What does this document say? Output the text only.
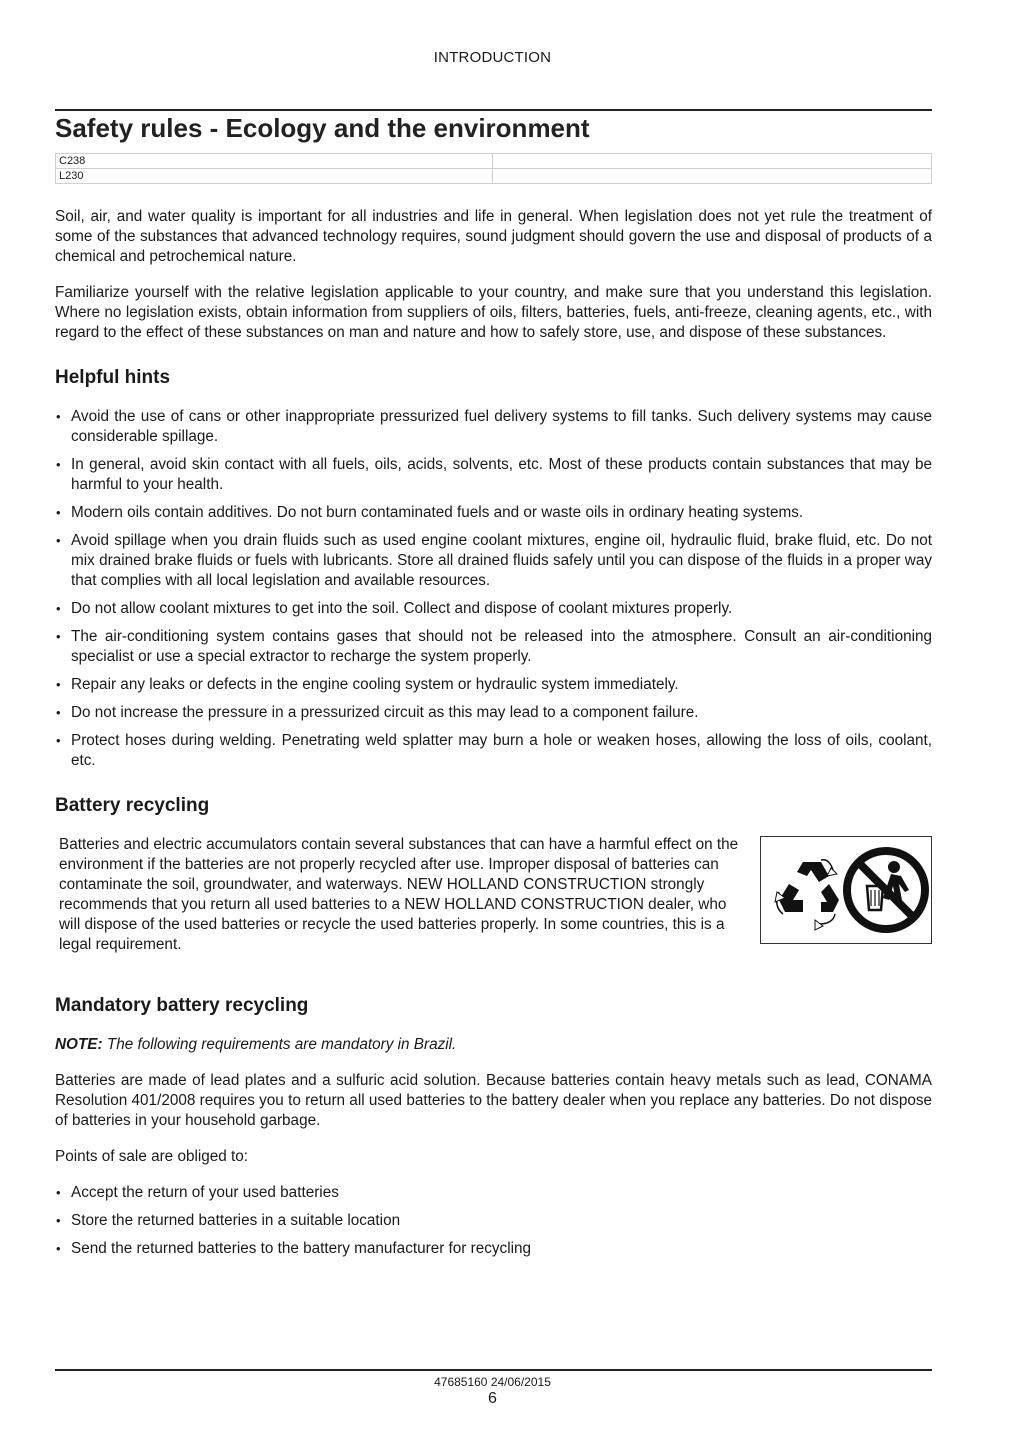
INTRODUCTION
Safety rules - Ecology and the environment
C238	
L230	

Soil, air, and water quality is important for all industries and life in general. When legislation does not yet rule the treatment of some of the substances that advanced technology requires, sound judgment should govern the use and disposal of products of a chemical and petrochemical nature.

Familiarize yourself with the relative legislation applicable to your country, and make sure that you understand this legislation. Where no legislation exists, obtain information from suppliers of oils, filters, batteries, fuels, anti-freeze, cleaning agents, etc., with regard to the effect of these substances on man and nature and how to safely store, use, and dispose of these substances.

Helpful hints
• Avoid the use of cans or other inappropriate pressurized fuel delivery systems to fill tanks. Such delivery systems may cause considerable spillage.
• In general, avoid skin contact with all fuels, oils, acids, solvents, etc. Most of these products contain substances that may be harmful to your health.
• Modern oils contain additives. Do not burn contaminated fuels and or waste oils in ordinary heating systems.
• Avoid spillage when you drain fluids such as used engine coolant mixtures, engine oil, hydraulic fluid, brake fluid, etc. Do not mix drained brake fluids or fuels with lubricants. Store all drained fluids safely until you can dispose of the fluids in a proper way that complies with all local legislation and available resources.
• Do not allow coolant mixtures to get into the soil. Collect and dispose of coolant mixtures properly.
• The air-conditioning system contains gases that should not be released into the atmosphere. Consult an air-conditioning specialist or use a special extractor to recharge the system properly.
• Repair any leaks or defects in the engine cooling system or hydraulic system immediately.
• Do not increase the pressure in a pressurized circuit as this may lead to a component failure.
• Protect hoses during welding. Penetrating weld splatter may burn a hole or weaken hoses, allowing the loss of oils, coolant, etc.
Battery recycling

Batteries and electric accumulators contain several substances that can have a harmful effect on the environment if the batteries are not properly recycled after use. Improper disposal of batteries can contaminate the soil, groundwater, and waterways. NEW HOLLAND CONSTRUCTION strongly recommends that you return all used batteries to a NEW HOLLAND CONSTRUCTION dealer, who will dispose of the used batteries or recycle the used batteries properly. In some countries, this is a legal requirement.

Mandatory battery recycling

NOTE: The following requirements are mandatory in Brazil.

Batteries are made of lead plates and a sulfuric acid solution. Because batteries contain heavy metals such as lead, CONAMA Resolution 401/2008 requires you to return all used batteries to the battery dealer when you replace any batteries. Do not dispose of batteries in your household garbage.

Points of sale are obliged to:

• Accept the return of your used batteries
• Store the returned batteries in a suitable location
• Send the returned batteries to the battery manufacturer for recycling
47685160 24/06/2015
6
